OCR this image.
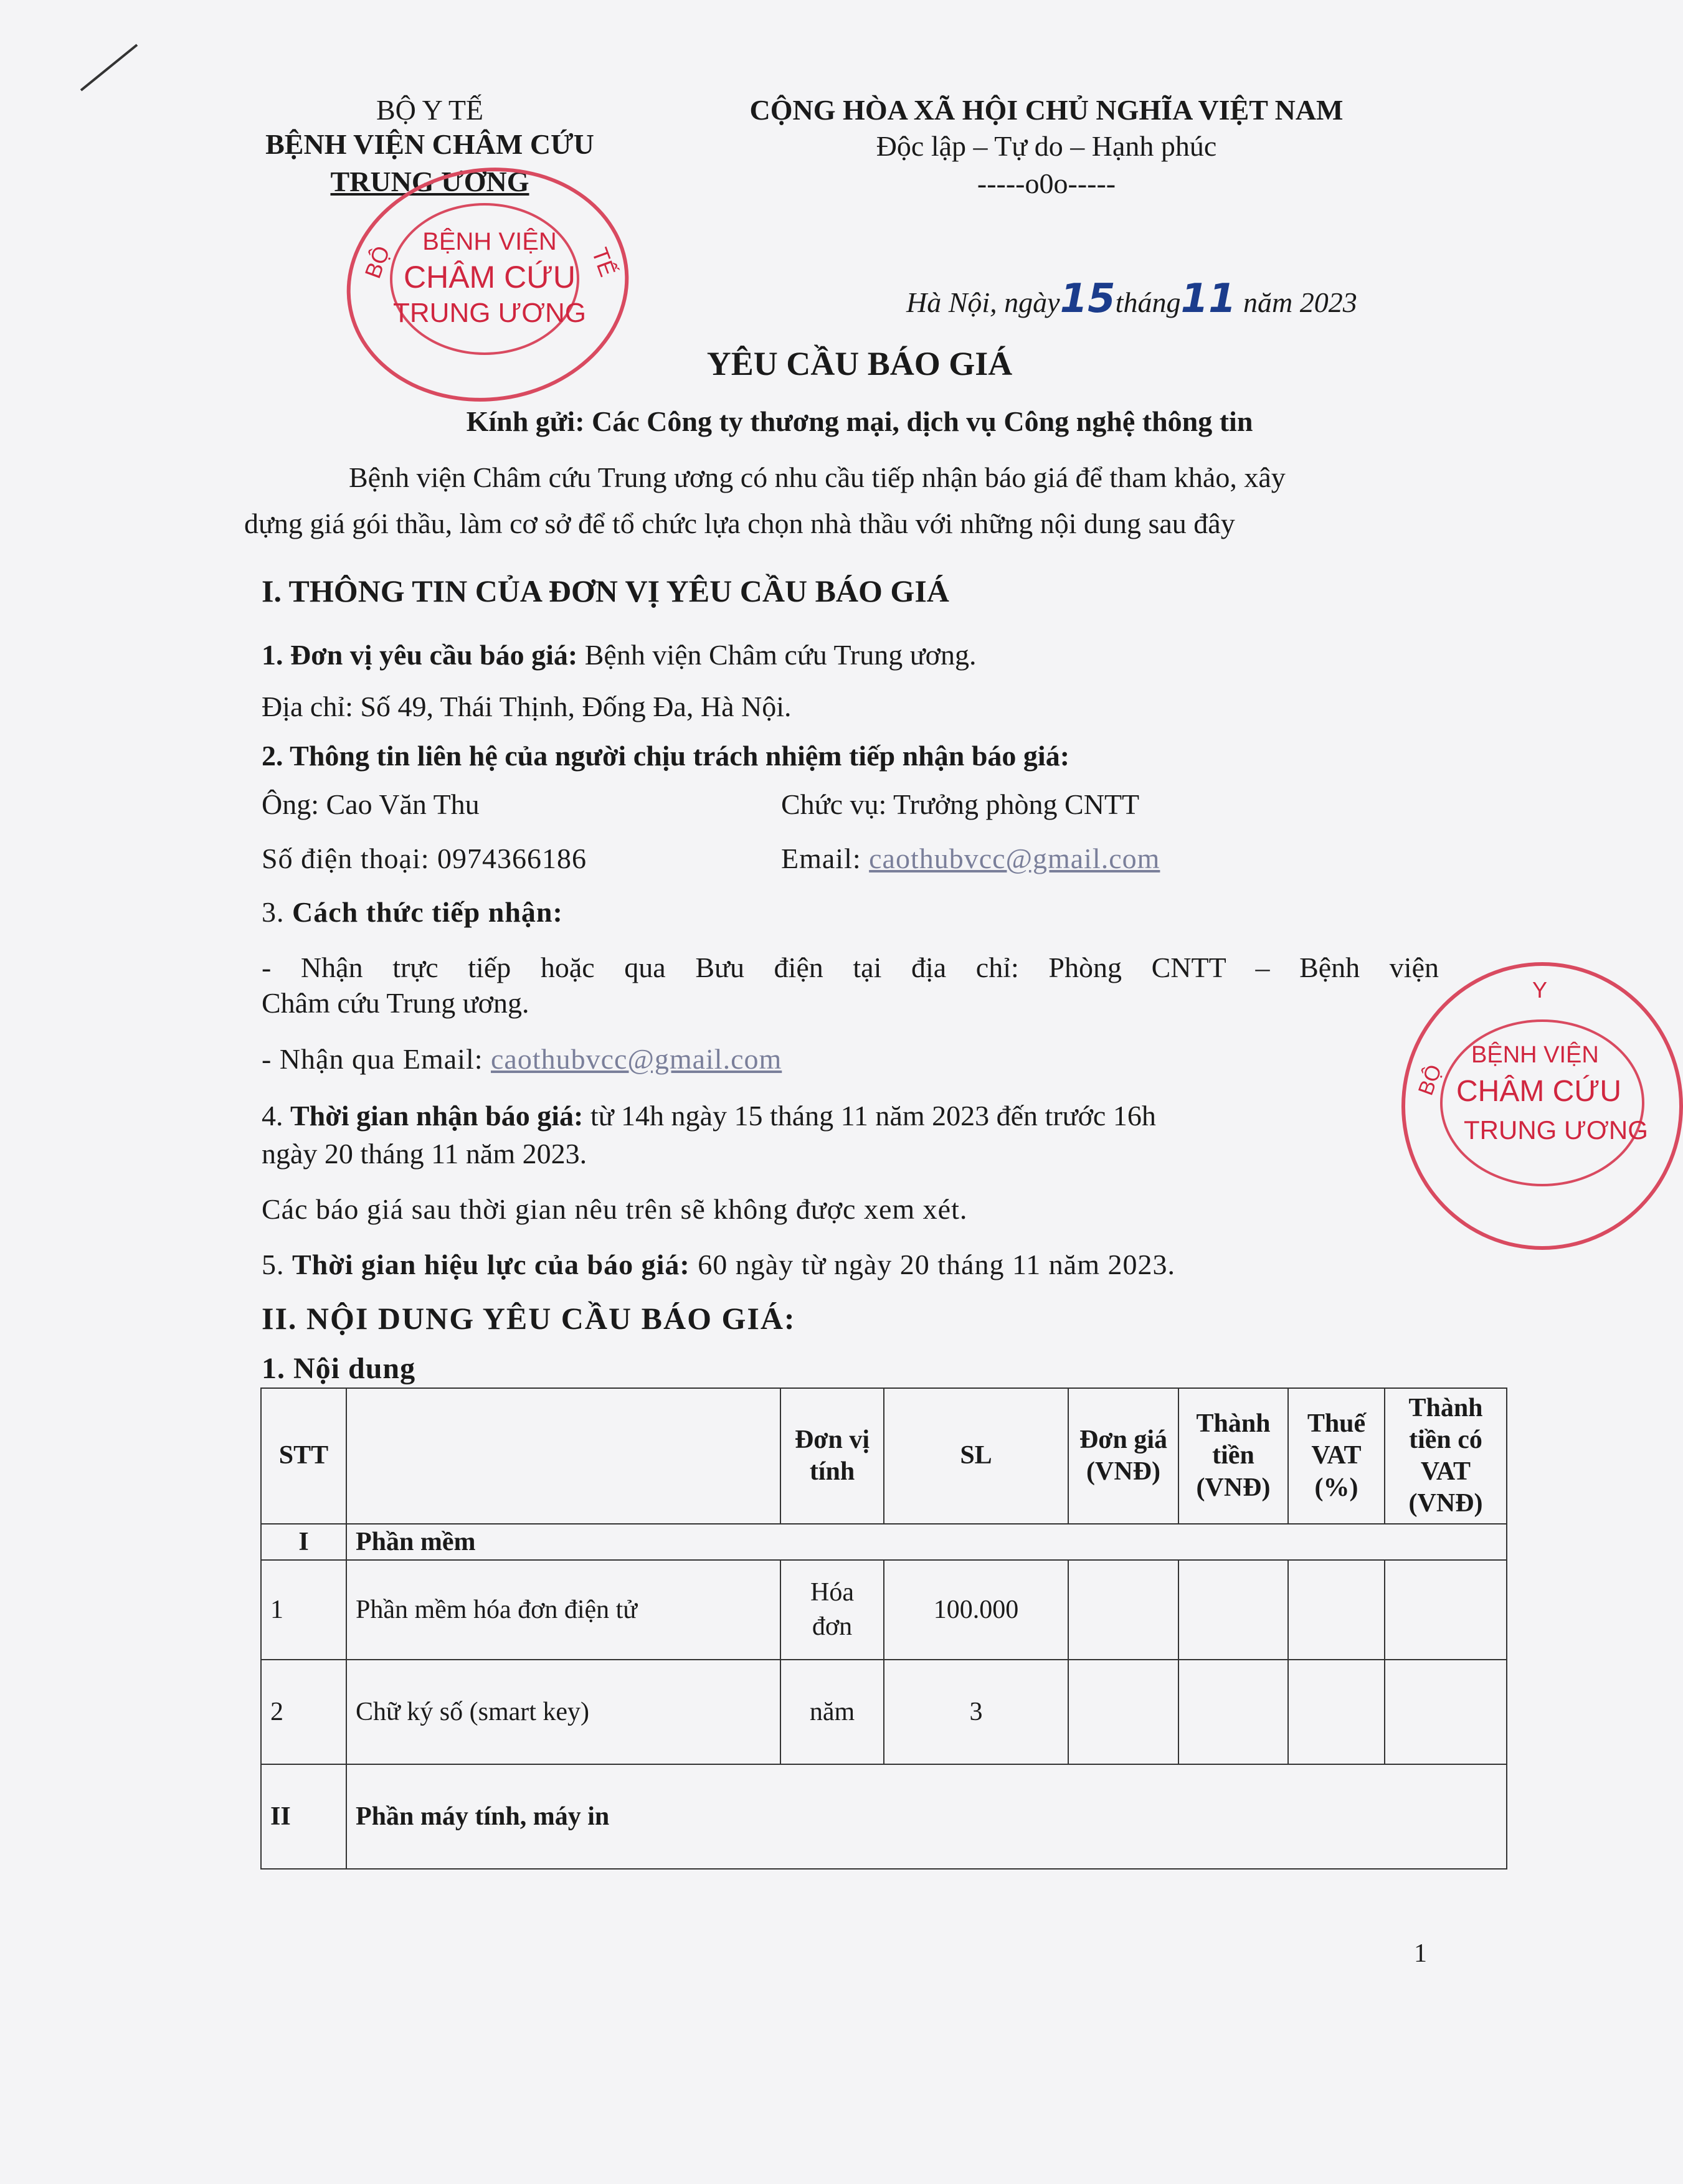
BỘ Y TẾ
BỆNH VIỆN CHÂM CỨU
TRUNG ƯƠNG
CỘNG HÒA XÃ HỘI CHỦ NGHĨA VIỆT NAM
Độc lập – Tự do – Hạnh phúc
-----o0o-----
BỆNH VIỆN
CHÂM CỨU
TRUNG ƯƠNG
BỘ	TẾ
Hà Nội, ngày15tháng11 năm 2023
YÊU CẦU BÁO GIÁ
Kính gửi: Các Công ty thương mại, dịch vụ Công nghệ thông tin
Bệnh viện Châm cứu Trung ương có nhu cầu tiếp nhận báo giá để tham khảo, xây
dựng giá gói thầu, làm cơ sở để tổ chức lựa chọn nhà thầu với những nội dung sau đây
I. THÔNG TIN CỦA ĐƠN VỊ YÊU CẦU BÁO GIÁ
1. Đơn vị yêu cầu báo giá: Bệnh viện Châm cứu Trung ương.
Địa chỉ: Số 49, Thái Thịnh, Đống Đa, Hà Nội.
2. Thông tin liên hệ của người chịu trách nhiệm tiếp nhận báo giá:
Ông: Cao Văn Thu	Chức vụ: Trưởng phòng CNTT
Số điện thoại: 0974366186	Email: caothubvcc@gmail.com
3. Cách thức tiếp nhận:
- Nhận trực tiếp hoặc qua Bưu điện tại địa chỉ: Phòng CNTT – Bệnh viện
Châm cứu Trung ương.
- Nhận qua Email: caothubvcc@gmail.com
4. Thời gian nhận báo giá: từ 14h ngày 15 tháng 11 năm 2023 đến trước 16h
ngày 20 tháng 11 năm 2023.
Các báo giá sau thời gian nêu trên sẽ không được xem xét.
5. Thời gian hiệu lực của báo giá: 60 ngày từ ngày 20 tháng 11 năm 2023.
Y
BỘ
BỆNH VIỆN
CHÂM CỨU
TRUNG ƯƠNG
II. NỘI DUNG YÊU CẦU BÁO GIÁ:
1. Nội dung
STT		Đơn vị tính	SL	Đơn giá (VNĐ)	Thành tiền (VNĐ)	Thuế VAT (%)	Thành tiền có VAT (VNĐ)
I	Phần mềm						
1	Phần mềm hóa đơn điện tử	Hóa đơn	100.000				
2	Chữ ký số (smart key)	năm	3				
II	Phần máy tính, máy in						
1
